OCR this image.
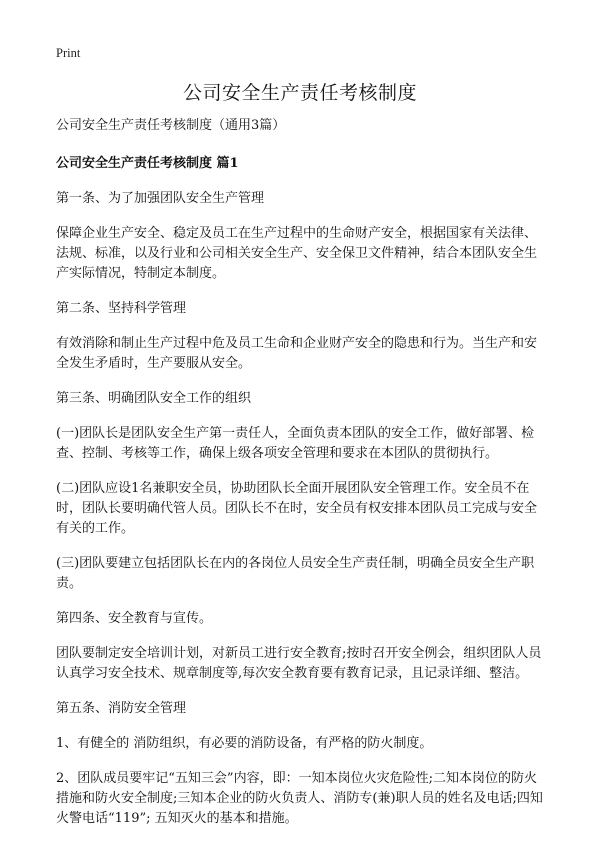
Print
公司安全生产责任考核制度

公司安全生产责任考核制度（通用3篇）

公司安全生产责任考核制度 篇1

第一条、为了加强团队安全生产管理

保障企业生产安全、稳定及员工在生产过程中的生命财产安全，根据国家有关法律、法规、标准，以及行业和公司相关安全生产、安全保卫文件精神，结合本团队安全生产实际情况，特制定本制度。

第二条、坚持科学管理

有效消除和制止生产过程中危及员工生命和企业财产安全的隐患和行为。当生产和安全发生矛盾时，生产要服从安全。

第三条、明确团队安全工作的组织

(一)团队长是团队安全生产第一责任人，全面负责本团队的安全工作，做好部署、检查、控制、考核等工作，确保上级各项安全管理和要求在本团队的贯彻执行。

(二)团队应设1名兼职安全员，协助团队长全面开展团队安全管理工作。安全员不在时，团队长要明确代管人员。团队长不在时，安全员有权安排本团队员工完成与安全有关的工作。

(三)团队要建立包括团队长在内的各岗位人员安全生产责任制，明确全员安全生产职责。

第四条、安全教育与宣传。

团队要制定安全培训计划，对新员工进行安全教育;按时召开安全例会，组织团队人员认真学习安全技术、规章制度等,每次安全教育要有教育记录，且记录详细、整洁。

第五条、消防安全管理

1、有健全的 消防组织，有必要的消防设备，有严格的防火制度。

2、团队成员要牢记“五知三会”内容，即：一知本岗位火灾危险性;二知本岗位的防火措施和防火安全制度;三知本企业的防火负责人、消防专(兼)职人员的姓名及电话;四知火警电话“119”; 五知灭火的基本和措施。
